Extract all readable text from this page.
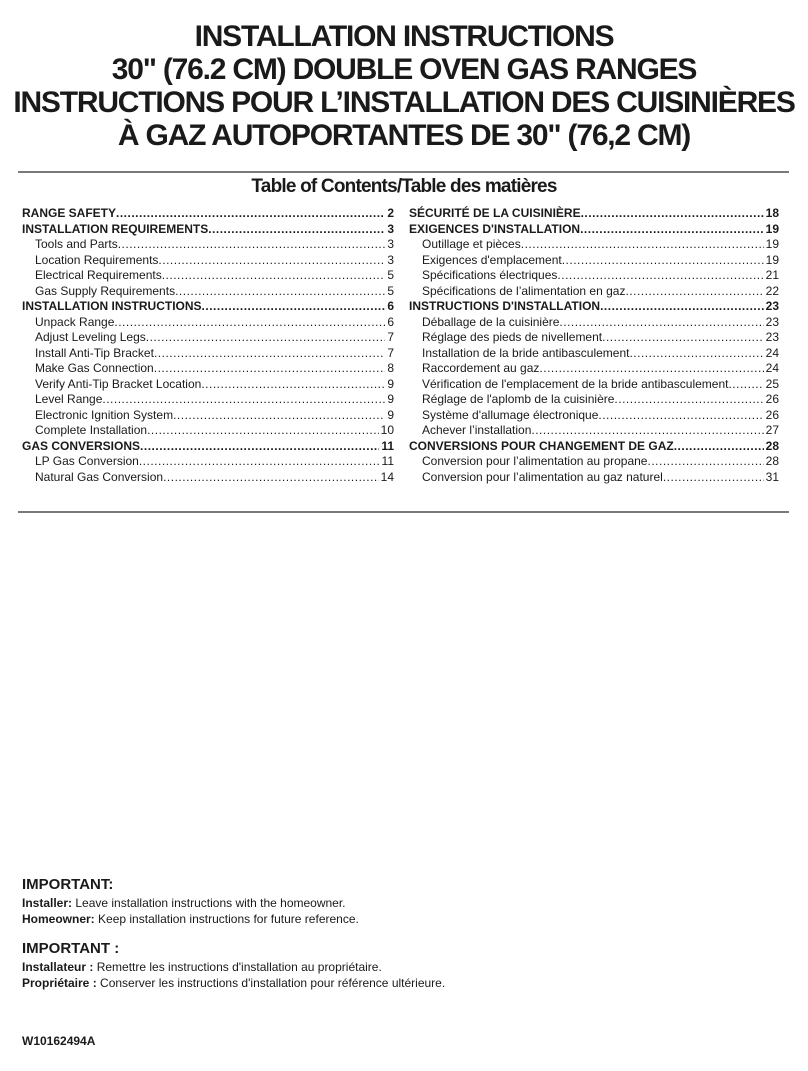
INSTALLATION INSTRUCTIONS
30" (76.2 CM) DOUBLE OVEN GAS RANGES
INSTRUCTIONS POUR L’INSTALLATION DES CUISINIÈRES
À GAZ AUTOPORTANTES DE 30" (76,2 CM)
Table of Contents/Table des matières
RANGE SAFETY .....	2
INSTALLATION REQUIREMENTS .....	3
Tools and Parts .....	3
Location Requirements .....	3
Electrical Requirements .....	5
Gas Supply Requirements .....	5
INSTALLATION INSTRUCTIONS .....	6
Unpack Range .....	6
Adjust Leveling Legs .....	7
Install Anti-Tip Bracket .....	7
Make Gas Connection .....	8
Verify Anti-Tip Bracket Location .....	9
Level Range .....	9
Electronic Ignition System .....	9
Complete Installation .....	10
GAS CONVERSIONS .....	11
LP Gas Conversion .....	11
Natural Gas Conversion .....	14
SÉCURITÉ DE LA CUISINIÈRE .....	18
EXIGENCES D'INSTALLATION .....	19
Outillage et pièces .....	19
Exigences d'emplacement .....	19
Spécifications électriques .....	21
Spécifications de l’alimentation en gaz .....	22
INSTRUCTIONS D'INSTALLATION .....	23
Déballage de la cuisinière .....	23
Réglage des pieds de nivellement .....	23
Installation de la bride antibasculement .....	24
Raccordement au gaz .....	24
Vérification de l'emplacement de la bride antibasculement .....	25
Réglage de l'aplomb de la cuisinière .....	26
Système d'allumage électronique .....	26
Achever l’installation .....	27
CONVERSIONS POUR CHANGEMENT DE GAZ .....	28
Conversion pour l’alimentation au propane .....	28
Conversion pour l’alimentation au gaz naturel .....	31
IMPORTANT:
Installer: Leave installation instructions with the homeowner.
Homeowner: Keep installation instructions for future reference.
IMPORTANT :
Installateur : Remettre les instructions d'installation au propriétaire.
Propriétaire : Conserver les instructions d'installation pour référence ultérieure.
W10162494A
